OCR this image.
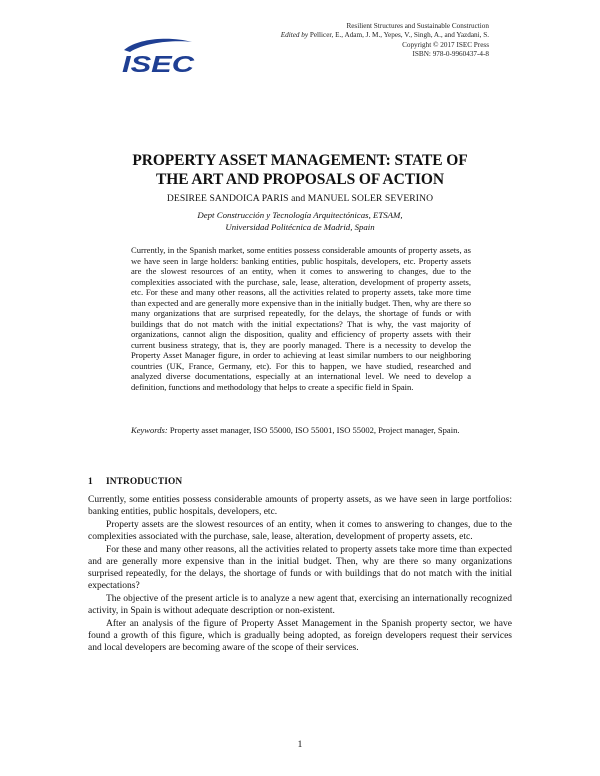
ISEC
Resilient Structures and Sustainable Construction
Edited by Pellicer, E., Adam, J. M., Yepes, V., Singh, A., and Yazdani, S.
Copyright © 2017 ISEC Press
ISBN: 978-0-9960437-4-8
PROPERTY ASSET MANAGEMENT: STATE OF
THE ART AND PROPOSALS OF ACTION
DESIREE SANDOICA PARIS and MANUEL SOLER SEVERINO
Dept Construcción y Tecnología Arquitectónicas, ETSAM,
Universidad Politécnica de Madrid, Spain

Currently, in the Spanish market, some entities possess considerable amounts of property assets, as we have seen in large holders: banking entities, public hospitals, developers, etc. Property assets are the slowest resources of an entity, when it comes to answering to changes, due to the complexities associated with the purchase, sale, lease, alteration, development of property assets, etc. For these and many other reasons, all the activities related to property assets, take more time than expected and are generally more expensive than in the initially budget. Then, why are there so many organizations that are surprised repeatedly, for the delays, the shortage of funds or with buildings that do not match with the initial expectations? That is why, the vast majority of organizations, cannot align the disposition, quality and efficiency of property assets with their current business strategy, that is, they are poorly managed. There is a necessity to develop the Property Asset Manager figure, in order to achieving at least similar numbers to our neighboring countries (UK, France, Germany, etc). For this to happen, we have studied, researched and analyzed diverse documentations, especially at an international level. We need to develop a definition, functions and methodology that helps to create a specific field in Spain.

Keywords: Property asset manager, ISO 55000, ISO 55001, ISO 55002, Project manager, Spain.

1 INTRODUCTION

Currently, some entities possess considerable amounts of property assets, as we have seen in large portfolios: banking entities, public hospitals, developers, etc.

Property assets are the slowest resources of an entity, when it comes to answering to changes, due to the complexities associated with the purchase, sale, lease, alteration, development of property assets, etc.

For these and many other reasons, all the activities related to property assets take more time than expected and are generally more expensive than in the initial budget. Then, why are there so many organizations surprised repeatedly, for the delays, the shortage of funds or with buildings that do not match with the initial expectations?

The objective of the present article is to analyze a new agent that, exercising an internationally recognized activity, in Spain is without adequate description or non-existent.

After an analysis of the figure of Property Asset Management in the Spanish property sector, we have found a growth of this figure, which is gradually being adopted, as foreign developers request their services and local developers are becoming aware of the scope of their services.

1
